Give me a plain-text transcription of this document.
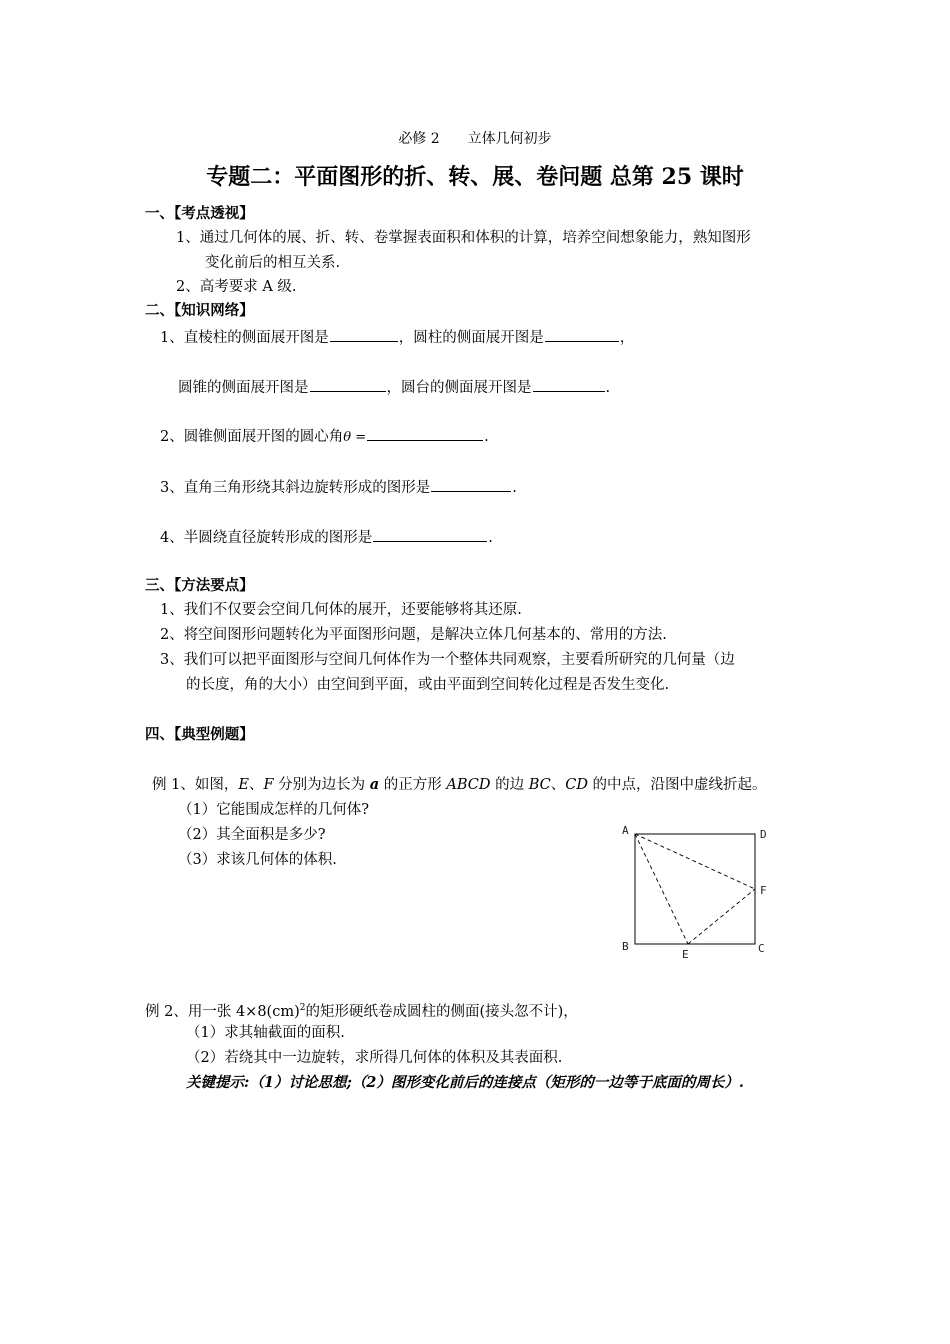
必修 2　　 立体几何初步
专题二：平面图形的折、转、展、卷问题 总第 25 课时
一、【考点透视】
1、通过几何体的展、折、转、卷掌握表面积和体积的计算，培养空间想象能力，熟知图形
变化前后的相互关系.
2、高考要求 A 级.
二、【知识网络】
1、直棱柱的侧面展开图是	，圆柱的侧面展开图是	，
圆锥的侧面展开图是	，圆台的侧面展开图是	.
2、圆锥侧面展开图的圆心角θ =	.
3、直角三角形绕其斜边旋转形成的图形是	.
4、半圆绕直径旋转形成的图形是	.
三、【方法要点】
1、我们不仅要会空间几何体的展开，还要能够将其还原.
2、将空间图形问题转化为平面图形问题，是解决立体几何基本的、常用的方法.
3、我们可以把平面图形与空间几何体作为一个整体共同观察，主要看所研究的几何量（边
的长度，角的大小）由空间到平面，或由平面到空间转化过程是否发生变化.
四、【典型例题】
例 1、如图，E、F 分别为边长为 a 的正方形 ABCD 的边 BC、CD 的中点，沿图中虚线折起。
（1）它能围成怎样的几何体?
（2）其全面积是多少?
（3）求该几何体的体积.
A	D
F
B	C
E
例 2、用一张 4×8(cm)$^2$的矩形硬纸卷成圆柱的侧面(接头忽不计)，
（1）求其轴截面的面积.
（2）若绕其中一边旋转，求所得几何体的体积及其表面积.
关键提示:（1）讨论思想;（2）图形变化前后的连接点（矩形的一边等于底面的周长）.
